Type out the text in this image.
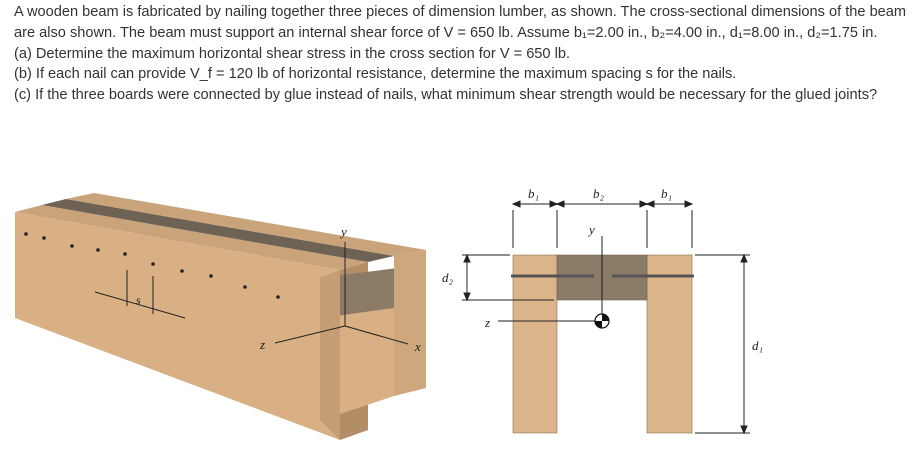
A wooden beam is fabricated by nailing together three pieces of dimension lumber, as shown. The cross-sectional dimensions of the beam are also shown. The beam must support an internal shear force of V = 650 lb. Assume b₁=2.00 in., b₂=4.00 in., d₁=8.00 in., d₂=1.75 in.

(a) Determine the maximum horizontal shear stress in the cross section for V = 650 lb.

(b) If each nail can provide V_f = 120 lb of horizontal resistance, determine the maximum spacing s for the nails.

(c) If the three boards were connected by glue instead of nails, what minimum shear strength would be necessary for the glued joints?

s
y
z	x
y
z
b₁	b₂	b₁
d₂
d₁
